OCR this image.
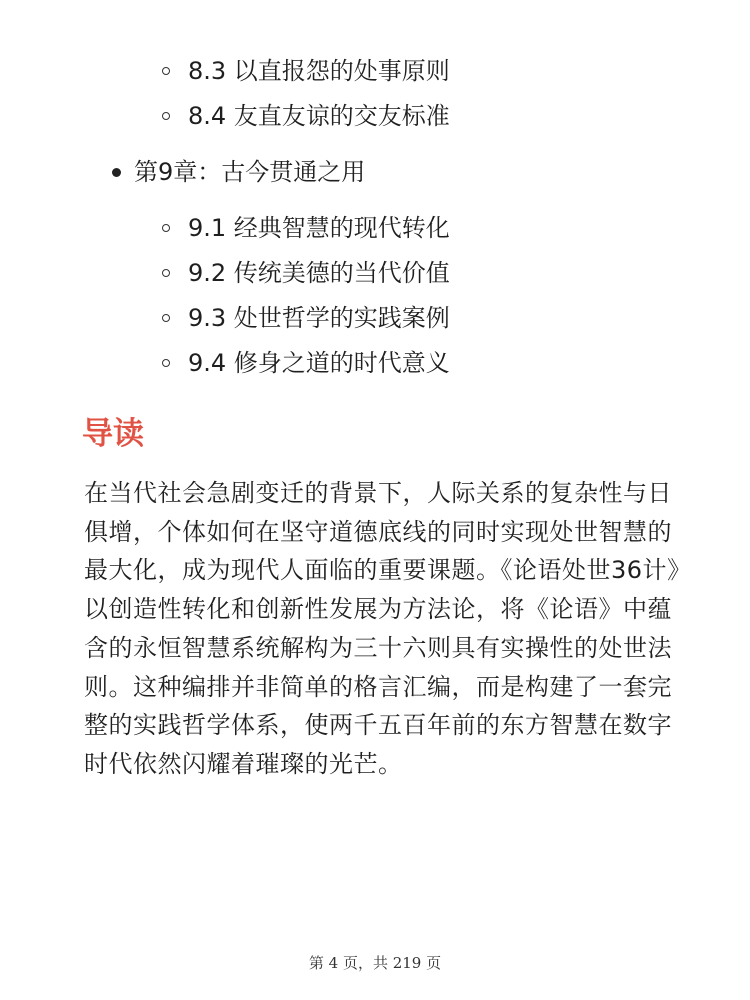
8.3 以直报怨的处事原则
8.4 友直友谅的交友标准
第9章：古今贯通之用
9.1 经典智慧的现代转化
9.2 传统美德的当代价值
9.3 处世哲学的实践案例
9.4 修身之道的时代意义
导读

在当代社会急剧变迁的背景下，人际关系的复杂性与日俱增，个体如何在坚守道德底线的同时实现处世智慧的最大化，成为现代人面临的重要课题。《论语处世36计》以创造性转化和创新性发展为方法论，将《论语》中蕴含的永恒智慧系统解构为三十六则具有实操性的处世法则。这种编排并非简单的格言汇编，而是构建了一套完整的实践哲学体系，使两千五百年前的东方智慧在数字时代依然闪耀着璀璨的光芒。

第 4 页，共 219 页
